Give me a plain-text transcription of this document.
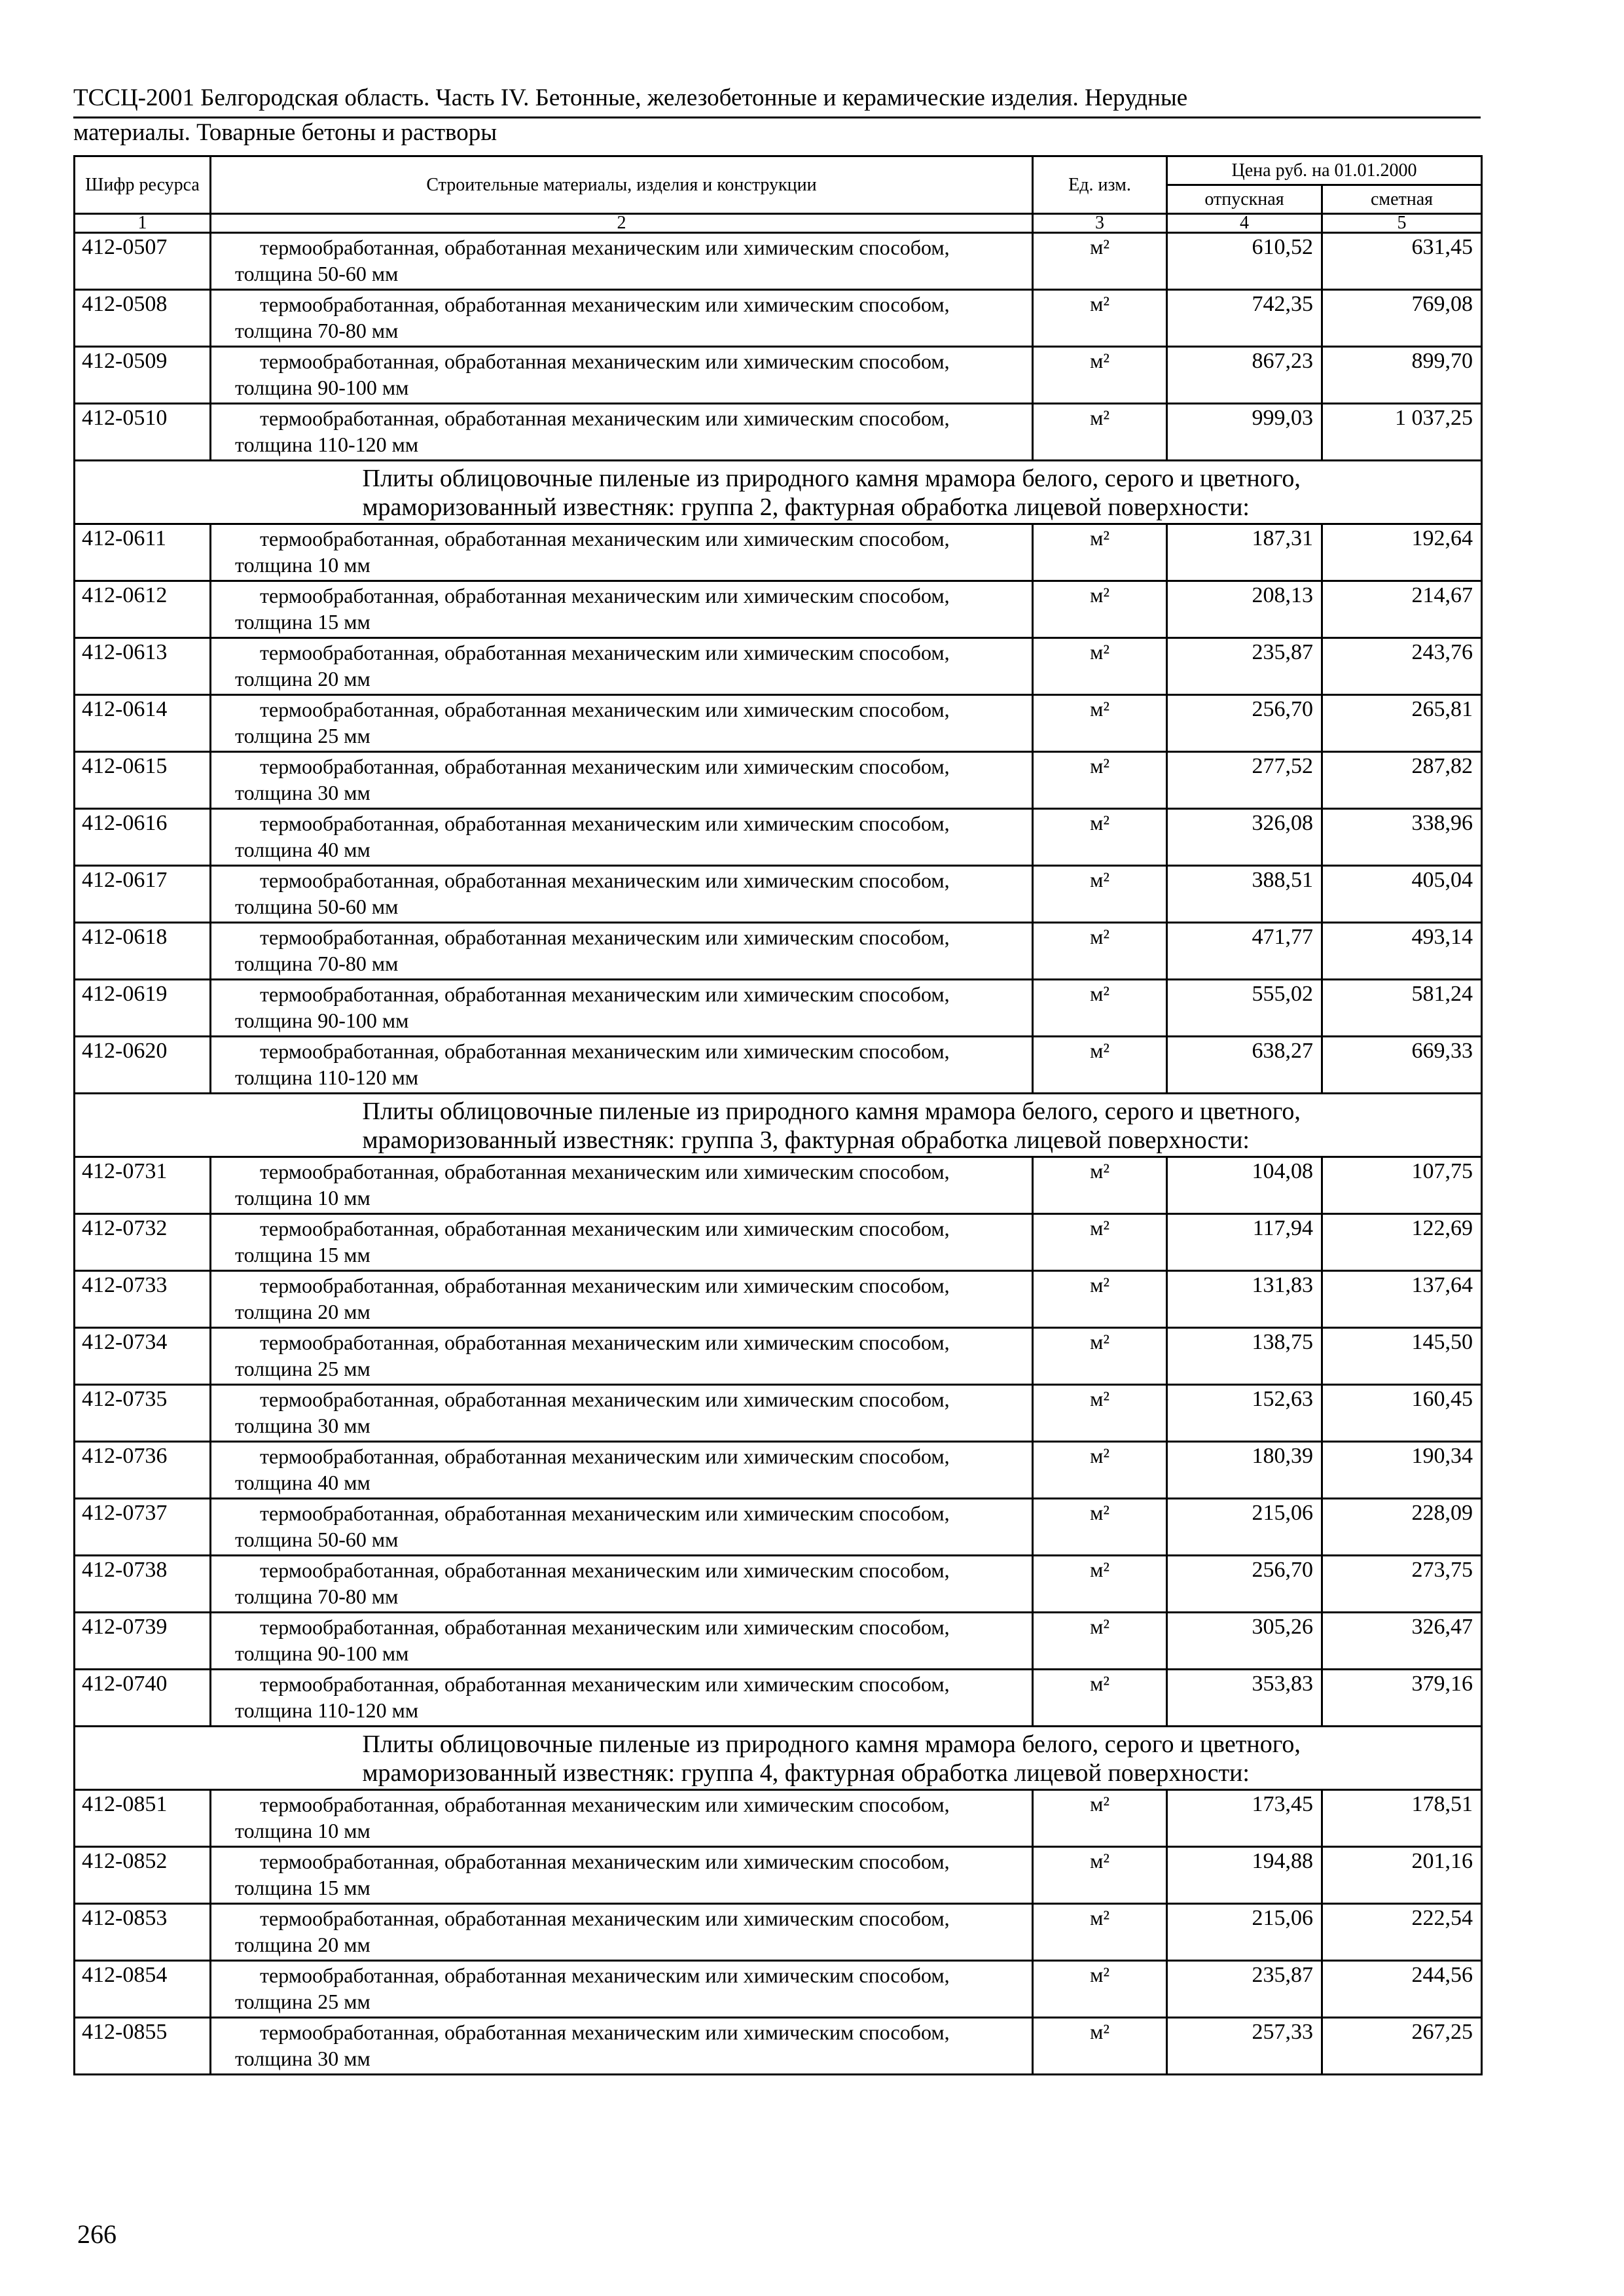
ТССЦ-2001 Белгородская область. Часть IV. Бетонные, железобетонные и керамические изделия. Нерудные
материалы. Товарные бетоны и растворы
Шифр ресурса	Строительные материалы, изделия и конструкции	Ед. изм.	Цена руб. на 01.01.2000	
			отпускная	сметная
1	2	3	4	5
412-0507	термообработанная, обработанная механическим или химическим способом, толщина 50-60 мм	м²	610,52	631,45
412-0508	термообработанная, обработанная механическим или химическим способом, толщина 70-80 мм	м²	742,35	769,08
412-0509	термообработанная, обработанная механическим или химическим способом, толщина 90-100 мм	м²	867,23	899,70
412-0510	термообработанная, обработанная механическим или химическим способом, толщина 110-120 мм	м²	999,03	1 037,25
	Плиты облицовочные пиленые из природного камня мрамора белого, серого и цветного, мраморизованный известняк: группа 2, фактурная обработка лицевой поверхности:			
412-0611	термообработанная, обработанная механическим или химическим способом, толщина 10 мм	м²	187,31	192,64
412-0612	термообработанная, обработанная механическим или химическим способом, толщина 15 мм	м²	208,13	214,67
412-0613	термообработанная, обработанная механическим или химическим способом, толщина 20 мм	м²	235,87	243,76
412-0614	термообработанная, обработанная механическим или химическим способом, толщина 25 мм	м²	256,70	265,81
412-0615	термообработанная, обработанная механическим или химическим способом, толщина 30 мм	м²	277,52	287,82
412-0616	термообработанная, обработанная механическим или химическим способом, толщина 40 мм	м²	326,08	338,96
412-0617	термообработанная, обработанная механическим или химическим способом, толщина 50-60 мм	м²	388,51	405,04
412-0618	термообработанная, обработанная механическим или химическим способом, толщина 70-80 мм	м²	471,77	493,14
412-0619	термообработанная, обработанная механическим или химическим способом, толщина 90-100 мм	м²	555,02	581,24
412-0620	термообработанная, обработанная механическим или химическим способом, толщина 110-120 мм	м²	638,27	669,33
	Плиты облицовочные пиленые из природного камня мрамора белого, серого и цветного, мраморизованный известняк: группа 3, фактурная обработка лицевой поверхности:			
412-0731	термообработанная, обработанная механическим или химическим способом, толщина 10 мм	м²	104,08	107,75
412-0732	термообработанная, обработанная механическим или химическим способом, толщина 15 мм	м²	117,94	122,69
412-0733	термообработанная, обработанная механическим или химическим способом, толщина 20 мм	м²	131,83	137,64
412-0734	термообработанная, обработанная механическим или химическим способом, толщина 25 мм	м²	138,75	145,50
412-0735	термообработанная, обработанная механическим или химическим способом, толщина 30 мм	м²	152,63	160,45
412-0736	термообработанная, обработанная механическим или химическим способом, толщина 40 мм	м²	180,39	190,34
412-0737	термообработанная, обработанная механическим или химическим способом, толщина 50-60 мм	м²	215,06	228,09
412-0738	термообработанная, обработанная механическим или химическим способом, толщина 70-80 мм	м²	256,70	273,75
412-0739	термообработанная, обработанная механическим или химическим способом, толщина 90-100 мм	м²	305,26	326,47
412-0740	термообработанная, обработанная механическим или химическим способом, толщина 110-120 мм	м²	353,83	379,16
	Плиты облицовочные пиленые из природного камня мрамора белого, серого и цветного, мраморизованный известняк: группа 4, фактурная обработка лицевой поверхности:			
412-0851	термообработанная, обработанная механическим или химическим способом, толщина 10 мм	м²	173,45	178,51
412-0852	термообработанная, обработанная механическим или химическим способом, толщина 15 мм	м²	194,88	201,16
412-0853	термообработанная, обработанная механическим или химическим способом, толщина 20 мм	м²	215,06	222,54
412-0854	термообработанная, обработанная механическим или химическим способом, толщина 25 мм	м²	235,87	244,56
412-0855	термообработанная, обработанная механическим или химическим способом, толщина 30 мм	м²	257,33	267,25
266
